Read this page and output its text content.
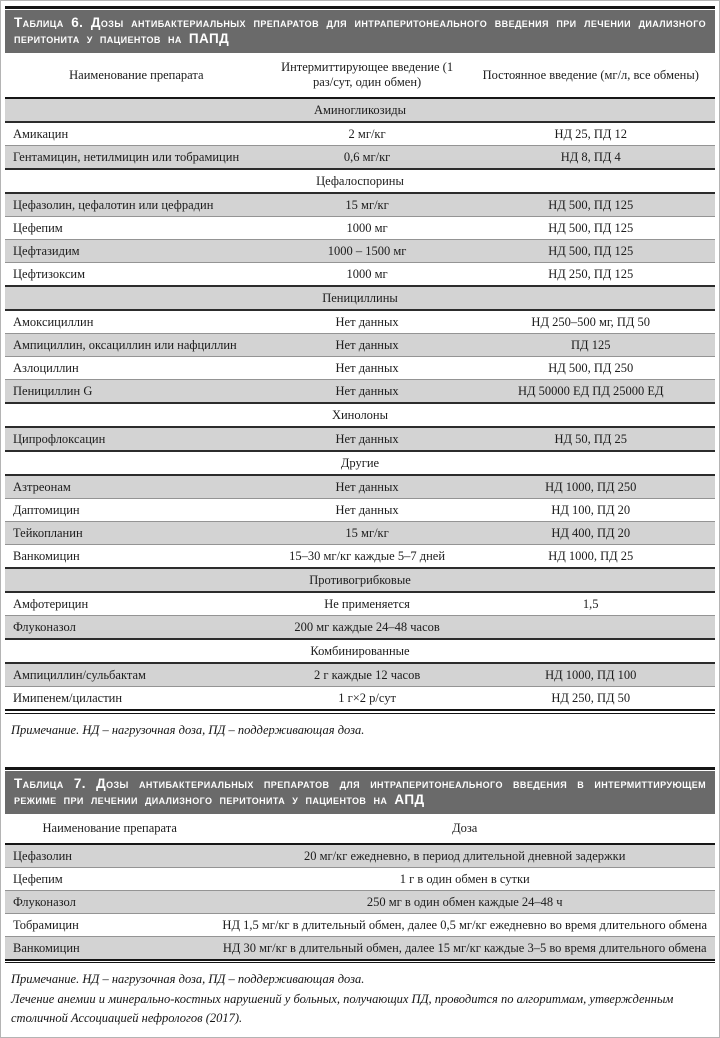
Таблица 6. Дозы антибактериальных препаратов для интраперитонеального введения при лечении диализного перитонита у пациентов на ПАПД
Наименование препарата	Интермиттирующее введение (1 раз/сут, один обмен)	Постоянное введение (мг/л, все обмены)
Аминогликозиды		
Амикацин	2 мг/кг	НД 25, ПД 12
Гентамицин, нетилмицин или тобрамицин	0,6 мг/кг	НД 8, ПД 4
Цефалоспорины		
Цефазолин, цефалотин или цефрадин	15 мг/кг	НД 500, ПД 125
Цефепим	1000 мг	НД 500, ПД 125
Цефтазидим	1000 – 1500 мг	НД 500, ПД 125
Цефтизоксим	1000 мг	НД 250, ПД 125
Пенициллины		
Амоксициллин	Нет данных	НД 250–500 мг, ПД 50
Ампициллин, оксациллин или нафциллин	Нет данных	ПД 125
Азлоциллин	Нет данных	НД 500, ПД 250
Пенициллин G	Нет данных	НД 50000 ЕД ПД 25000 ЕД
Хинолоны		
Ципрофлоксацин	Нет данных	НД 50, ПД 25
Другие		
Азтреонам	Нет данных	НД 1000, ПД 250
Даптомицин	Нет данных	НД 100, ПД 20
Тейкопланин	15 мг/кг	НД 400, ПД 20
Ванкомицин	15–30 мг/кг каждые 5–7 дней	НД 1000, ПД 25
Противогрибковые		
Амфотерицин	Не применяется	1,5
Флуконазол	200 мг каждые 24–48 часов	
Комбинированные		
Ампициллин/сульбактам	2 г каждые 12 часов	НД 1000, ПД 100
Имипенем/циластин	1 г×2 р/сут	НД 250, ПД 50

Примечание. НД – нагрузочная доза, ПД – поддерживающая доза.

Таблица 7. Дозы антибактериальных препаратов для интраперитонеального введения в интермиттирующем режиме при лечении диализного перитонита у пациентов на АПД
Наименование препарата	Доза
Цефазолин	20 мг/кг ежедневно, в период длительной дневной задержки
Цефепим	1 г в один обмен в сутки
Флуконазол	250 мг в один обмен каждые 24–48 ч
Тобрамицин	НД 1,5 мг/кг в длительный обмен, далее 0,5 мг/кг ежедневно во время длительного обмена
Ванкомицин	НД 30 мг/кг в длительный обмен, далее 15 мг/кг каждые 3–5 во время длительного обмена

Примечание. НД – нагрузочная доза, ПД – поддерживающая доза.

Лечение анемии и минерально-костных нарушений у больных, получающих ПД, проводится по алгоритмам, утвержденным столичной Ассоциацией нефрологов (2017).
